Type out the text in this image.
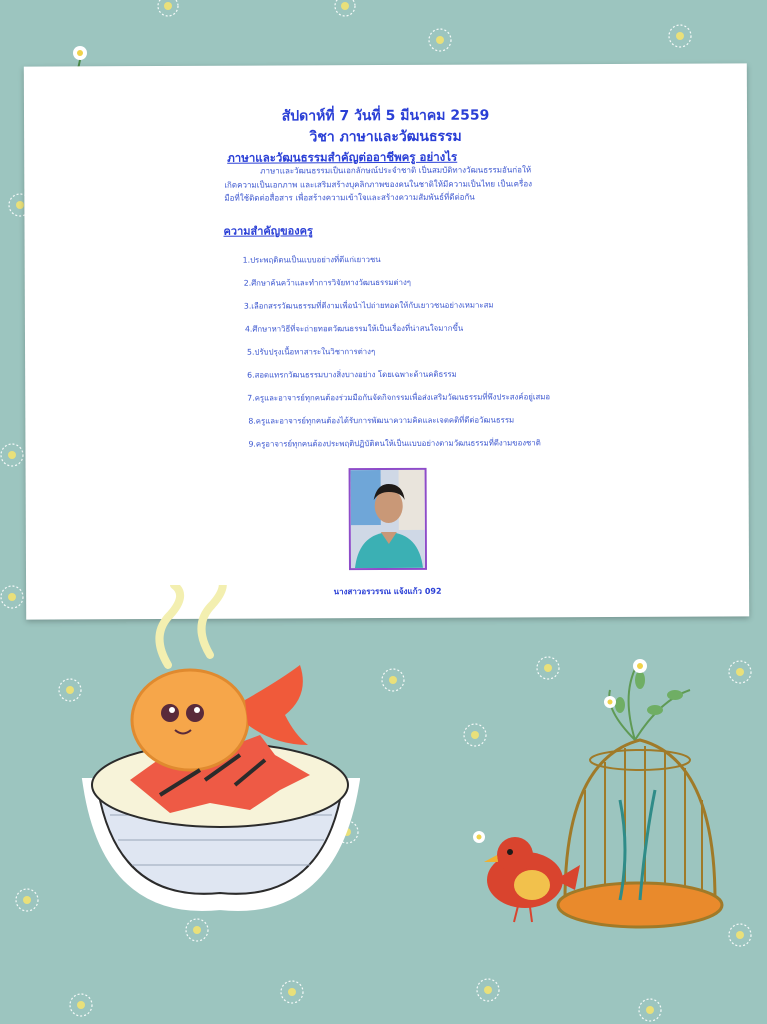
สัปดาห์ที่ 7 วันที่ 5 มีนาคม 2559
วิชา ภาษาและวัฒนธรรม
ภาษาและวัฒนธรรมสำคัญต่ออาชีพครู อย่างไร
ภาษาและวัฒนธรรมเป็นเอกลักษณ์ประจำชาติ เป็นสมบัติทางวัฒนธรรมอันก่อให้
เกิดความเป็นเอกภาพ และเสริมสร้างบุคลิกภาพของคนในชาติให้มีความเป็นไทย เป็นเครื่อง
มือที่ใช้ติดต่อสื่อสาร เพื่อสร้างความเข้าใจและสร้างความสัมพันธ์ที่ดีต่อกัน
ความสำคัญของครู
1.ประพฤติตนเป็นแบบอย่างที่ดีแก่เยาวชน
2.ศึกษาค้นคว้าและทำการวิจัยทางวัฒนธรรมต่างๆ
3.เลือกสรรวัฒนธรรมที่ดีงามเพื่อนำไปถ่ายทอดให้กับเยาวชนอย่างเหมาะสม
4.ศึกษาหาวิธีที่จะถ่ายทอดวัฒนธรรมให้เป็นเรื่องที่น่าสนใจมากขึ้น
5.ปรับปรุงเนื้อหาสาระในวิชาการต่างๆ
6.สอดแทรกวัฒนธรรมบางสิ่งบางอย่าง โดยเฉพาะด้านคติธรรม
7.ครูและอาจารย์ทุกคนต้องร่วมมือกันจัดกิจกรรมเพื่อส่งเสริมวัฒนธรรมที่พึงประสงค์อยู่เสมอ
8.ครูและอาจารย์ทุกคนต้องได้รับการพัฒนาความคิดและเจตคติที่ดีต่อวัฒนธรรม
9.ครูอาจารย์ทุกคนต้องประพฤติปฏิบัติตนให้เป็นแบบอย่างตามวัฒนธรรมที่ดีงามของชาติ
นางสาวอรวรรณ แจ้งแก้ว 092
